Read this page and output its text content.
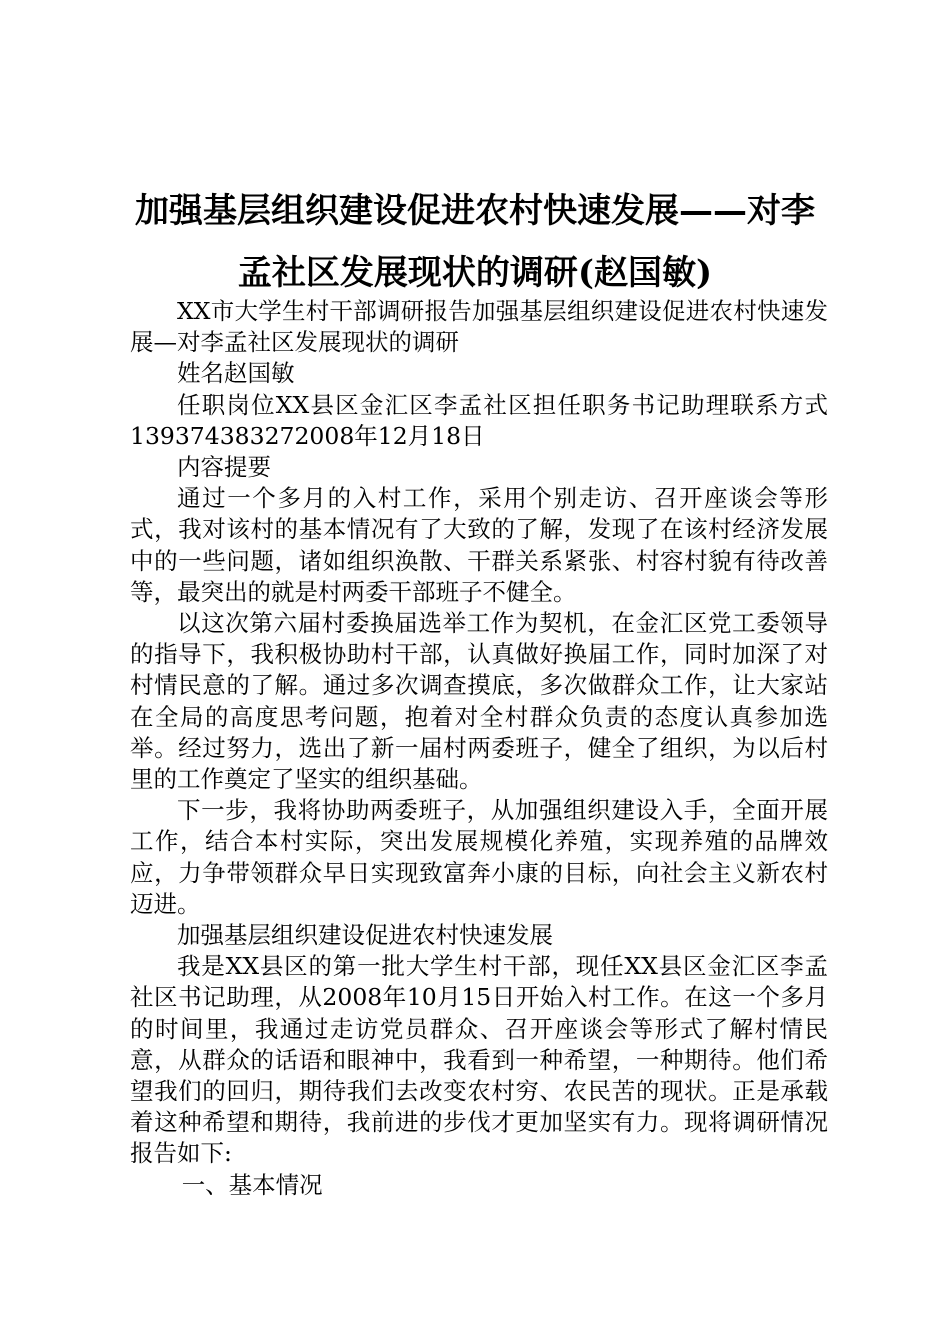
加强基层组织建设促进农村快速发展——对李孟社区发展现状的调研(赵国敏)

XX市大学生村干部调研报告加强基层组织建设促进农村快速发展—对李孟社区发展现状的调研

姓名赵国敏

任职岗位XX县区金汇区李孟社区担任职务书记助理联系方式139374383272008年12月18日

内容提要

通过一个多月的入村工作，采用个别走访、召开座谈会等形式，我对该村的基本情况有了大致的了解，发现了在该村经济发展中的一些问题，诸如组织涣散、干群关系紧张、村容村貌有待改善等，最突出的就是村两委干部班子不健全。

以这次第六届村委换届选举工作为契机，在金汇区党工委领导的指导下，我积极协助村干部，认真做好换届工作，同时加深了对村情民意的了解。通过多次调查摸底，多次做群众工作，让大家站在全局的高度思考问题，抱着对全村群众负责的态度认真参加选举。经过努力，选出了新一届村两委班子，健全了组织，为以后村里的工作奠定了坚实的组织基础。

下一步，我将协助两委班子，从加强组织建设入手，全面开展工作，结合本村实际，突出发展规模化养殖，实现养殖的品牌效应，力争带领群众早日实现致富奔小康的目标，向社会主义新农村迈进。

加强基层组织建设促进农村快速发展

我是XX县区的第一批大学生村干部，现任XX县区金汇区李孟社区书记助理，从2008年10月15日开始入村工作。在这一个多月的时间里，我通过走访党员群众、召开座谈会等形式了解村情民意，从群众的话语和眼神中，我看到一种希望，一种期待。他们希望我们的回归，期待我们去改变农村穷、农民苦的现状。正是承载着这种希望和期待，我前进的步伐才更加坚实有力。现将调研情况报告如下:

一、基本情况
